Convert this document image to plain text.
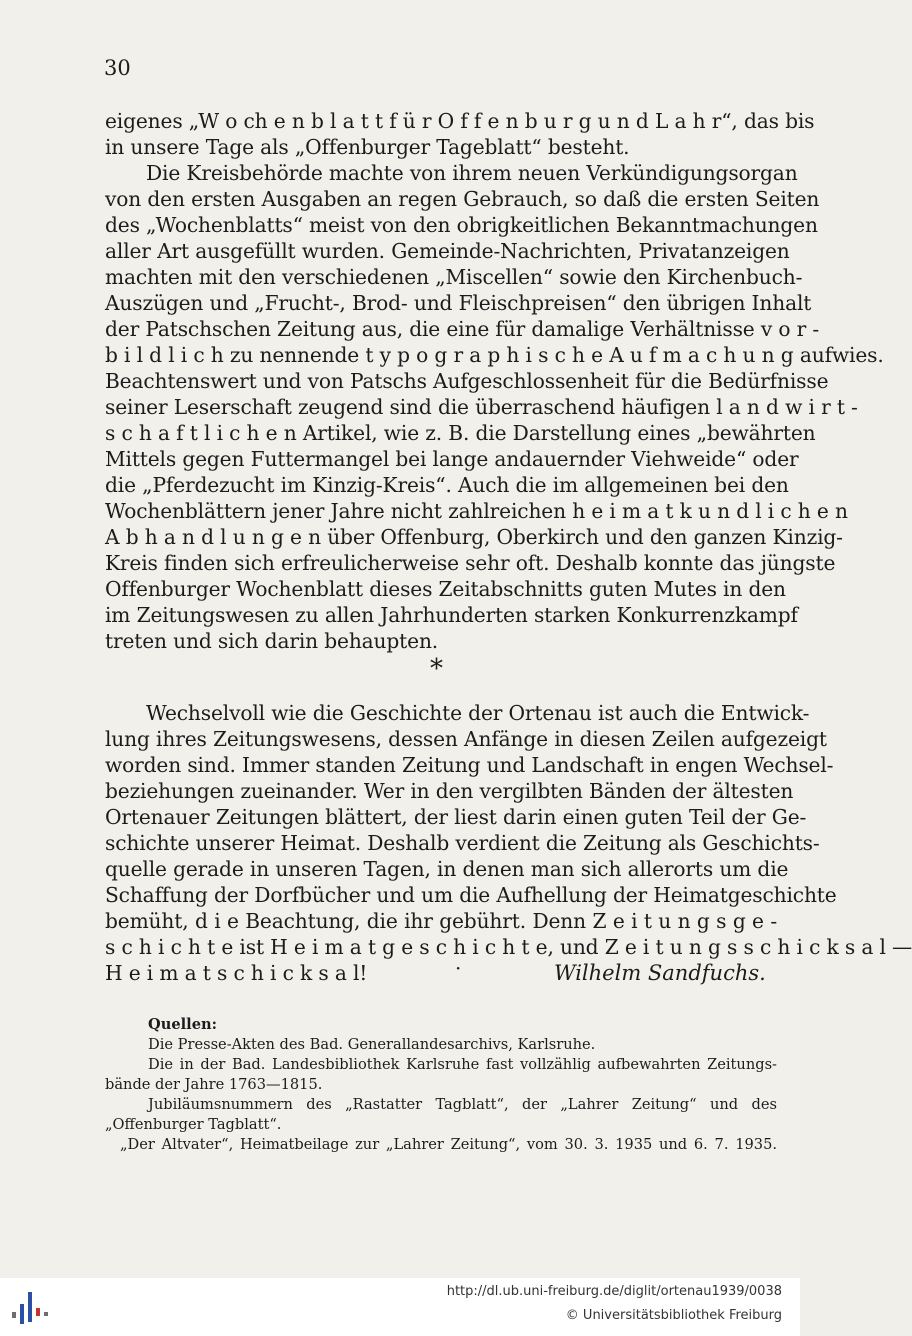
30
eigenes „W o ch e n b l a t t f ü r O f f e n b u r g u n d L a h r“, das bis
in unsere Tage als „Offenburger Tageblatt“ besteht.
Die Kreisbehörde machte von ihrem neuen Verkündigungsorgan
von den ersten Ausgaben an regen Gebrauch, so daß die ersten Seiten
des „Wochenblatts“ meist von den obrigkeitlichen Bekanntmachungen
aller Art ausgefüllt wurden. Gemeinde-Nachrichten, Privatanzeigen
machten mit den verschiedenen „Miscellen“ sowie den Kirchenbuch-
Auszügen und „Frucht-, Brod- und Fleischpreisen“ den übrigen Inhalt
der Patschschen Zeitung aus, die eine für damalige Verhältnisse v o r -
b i l d l i c h zu nennende t y p o g r a p h i s c h e A u f m a c h u n g aufwies.
Beachtenswert und von Patschs Aufgeschlossenheit für die Bedürfnisse
seiner Leserschaft zeugend sind die überraschend häufigen l a n d w i r t -
s c h a f t l i c h e n Artikel, wie z. B. die Darstellung eines „bewährten
Mittels gegen Futtermangel bei lange andauernder Viehweide“ oder
die „Pferdezucht im Kinzig-Kreis“. Auch die im allgemeinen bei den
Wochenblättern jener Jahre nicht zahlreichen h e i m a t k u n d l i c h e n
A b h a n d l u n g e n über Offenburg, Oberkirch und den ganzen Kinzig-
Kreis finden sich erfreulicherweise sehr oft. Deshalb konnte das jüngste
Offenburger Wochenblatt dieses Zeitabschnitts guten Mutes in den
im Zeitungswesen zu allen Jahrhunderten starken Konkurrenzkampf
treten und sich darin behaupten.
*
Wechselvoll wie die Geschichte der Ortenau ist auch die Entwick-
lung ihres Zeitungswesens, dessen Anfänge in diesen Zeilen aufgezeigt
worden sind. Immer standen Zeitung und Landschaft in engen Wechsel-
beziehungen zueinander. Wer in den vergilbten Bänden der ältesten
Ortenauer Zeitungen blättert, der liest darin einen guten Teil der Ge-
schichte unserer Heimat. Deshalb verdient die Zeitung als Geschichts-
quelle gerade in unseren Tagen, in denen man sich allerorts um die
Schaffung der Dorfbücher und um die Aufhellung der Heimatgeschichte
bemüht, d i e Beachtung, die ihr gebührt. Denn Z e i t u n g s g e -
s c h i c h t e ist H e i m a t g e s c h i c h t e, und Z e i t u n g s s c h i c k s a l —
H e i m a t s c h i c k s a l!	·	Wilhelm Sandfuchs.
Quellen:
Die Presse-Akten des Bad. Generallandesarchivs, Karlsruhe.
Die in der Bad. Landesbibliothek Karlsruhe fast vollzählig aufbewahrten Zeitungs-
bände der Jahre 1763—1815.
Jubiläumsnummern des „Rastatter Tagblatt“, der „Lahrer Zeitung“ und des
„Offenburger Tagblatt“.
„Der Altvater“, Heimatbeilage zur „Lahrer Zeitung“, vom 30. 3. 1935 und 6. 7. 1935.
http://dl.ub.uni-freiburg.de/diglit/ortenau1939/0038
© Universitätsbibliothek Freiburg
